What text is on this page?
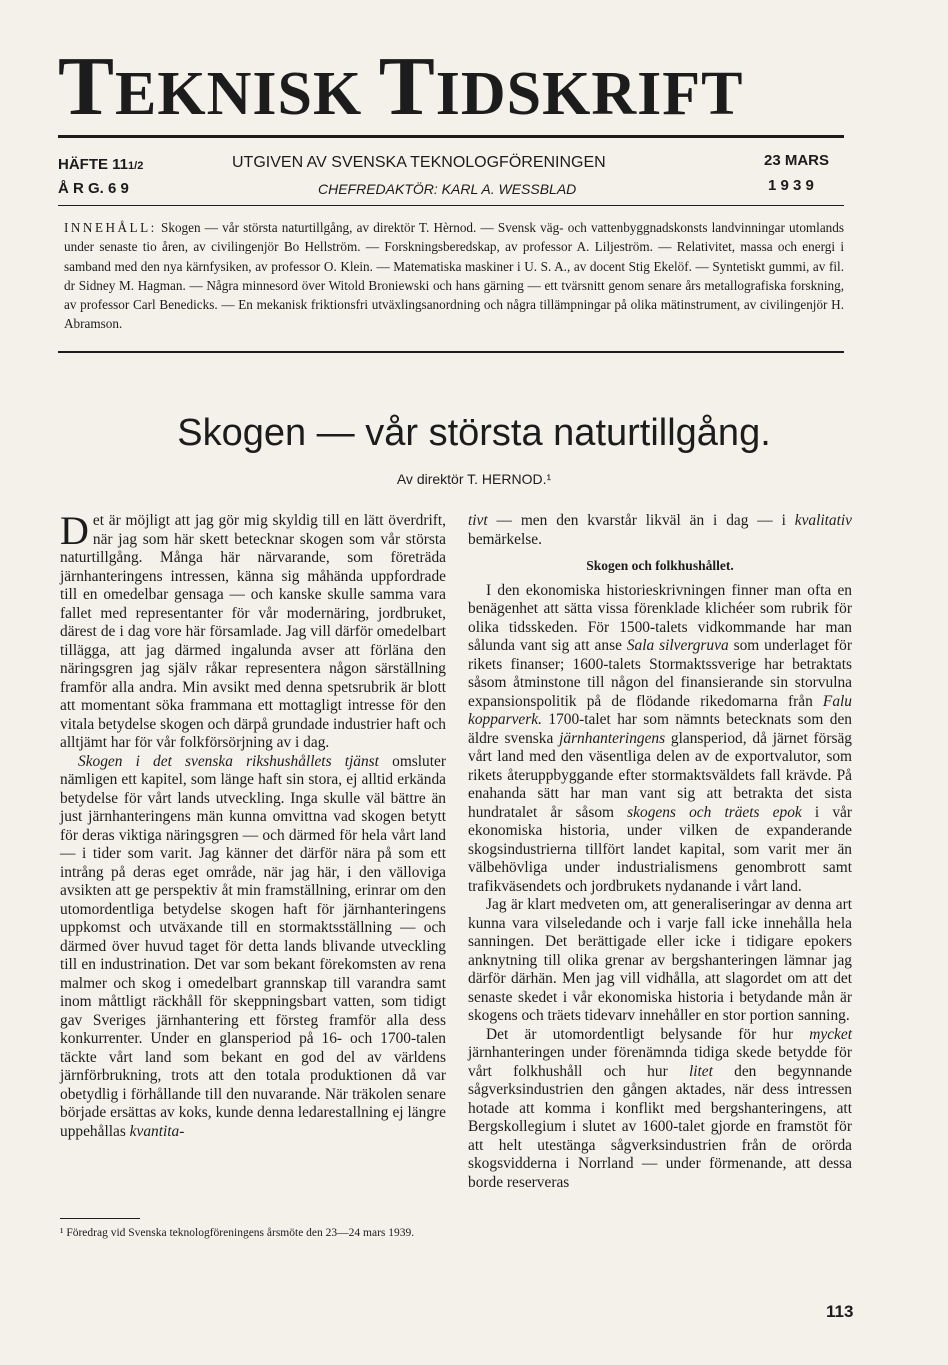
TEKNISK TIDSKRIFT
HÄFTE 111/2	UTGIVEN AV SVENSKA TEKNOLOGFÖRENINGEN	23 MARS
Å R G. 6 9	CHEFREDAKTÖR: KARL A. WESSBLAD	1 9 3 9
INNEHÅLL: Skogen — vår största naturtillgång, av direktör T. Hèrnod. — Svensk väg- och vattenbyggnadskonsts landvinningar utomlands under senaste tio åren, av civilingenjör Bo Hellström. — Forskningsberedskap, av professor A. Liljeström. — Relativitet, massa och energi i samband med den nya kärnfysiken, av professor O. Klein. — Matematiska maskiner i U. S. A., av docent Stig Ekelöf. — Syntetiskt gummi, av fil. dr Sidney M. Hagman. — Några minnesord över Witold Broniewski och hans gärning — ett tvärsnitt genom senare års metallografiska forskning, av professor Carl Benedicks. — En mekanisk friktionsfri utväxlingsanordning och några tillämpningar på olika mätinstrument, av civilingenjör H. Abramson.
Skogen — vår största naturtillgång.
Av direktör T. HERNOD.¹

Det är möjligt att jag gör mig skyldig till en lätt överdrift, när jag som här skett betecknar skogen som vår största naturtillgång. Många här närvarande, som företräda järnhanteringens intressen, känna sig måhända uppfordrade till en omedelbar gensaga — och kanske skulle samma vara fallet med representanter för vår modernäring, jordbruket, därest de i dag vore här församlade. Jag vill därför omedelbart tillägga, att jag därmed ingalunda avser att förläna den näringsgren jag själv råkar representera någon särställning framför alla andra. Min avsikt med denna spetsrubrik är blott att momentant söka frammana ett mottagligt intresse för den vitala betydelse skogen och därpå grundade industrier haft och alltjämt har för vår folkförsörjning av i dag.

Skogen i det svenska rikshushållets tjänst omsluter nämligen ett kapitel, som länge haft sin stora, ej alltid erkända betydelse för vårt lands utveckling. Inga skulle väl bättre än just järnhanteringens män kunna omvittna vad skogen betytt för deras viktiga näringsgren — och därmed för hela vårt land — i tider som varit. Jag känner det därför nära på som ett intrång på deras eget område, när jag här, i den välloviga avsikten att ge perspektiv åt min framställning, erinrar om den utomordentliga betydelse skogen haft för järnhanteringens uppkomst och utväxande till en stormaktsställning — och därmed över huvud taget för detta lands blivande utveckling till en industrination. Det var som bekant förekomsten av rena malmer och skog i omedelbart grannskap till varandra samt inom måttligt räckhåll för skeppningsbart vatten, som tidigt gav Sveriges järnhantering ett försteg framför alla dess konkurrenter. Under en glansperiod på 16- och 1700-talen täckte vårt land som bekant en god del av världens järnförbrukning, trots att den totala produktionen då var obetydlig i förhållande till den nuvarande. När träkolen senare började ersättas av koks, kunde denna ledarestallning ej längre uppehållas kvantita-

¹ Föredrag vid Svenska teknologföreningens årsmöte den 23—24 mars 1939.

tivt — men den kvarstår likväl än i dag — i kvalitativ bemärkelse.

Skogen och folkhushållet.

I den ekonomiska historieskrivningen finner man ofta en benägenhet att sätta vissa förenklade klichéer som rubrik för olika tidsskeden. För 1500-talets vidkommande har man sålunda vant sig att anse Sala silvergruva som underlaget för rikets finanser; 1600-talets Stormaktssverige har betraktats såsom åtminstone till någon del finansierande sin storvulna expansionspolitik på de flödande rikedomarna från Falu kopparverk. 1700-talet har som nämnts betecknats som den äldre svenska järnhanteringens glansperiod, då järnet försäg vårt land med den väsentliga delen av de exportvalutor, som rikets återuppbyggande efter stormaktsväldets fall krävde. På enahanda sätt har man vant sig att betrakta det sista hundratalet år såsom skogens och träets epok i vår ekonomiska historia, under vilken de expanderande skogsindustrierna tillfört landet kapital, som varit mer än välbehövliga under industrialismens genombrott samt trafikväsendets och jordbrukets nydanande i vårt land.

Jag är klart medveten om, att generaliseringar av denna art kunna vara vilseledande och i varje fall icke innehålla hela sanningen. Det berättigade eller icke i tidigare epokers anknytning till olika grenar av bergshanteringen lämnar jag därför därhän. Men jag vill vidhålla, att slagordet om att det senaste skedet i vår ekonomiska historia i betydande mån är skogens och träets tidevarv innehåller en stor portion sanning.

Det är utomordentligt belysande för hur mycket järnhanteringen under förenämnda tidiga skede betydde för vårt folkhushåll och hur litet den begynnande sågverksindustrien den gången aktades, när dess intressen hotade att komma i konflikt med bergshanteringens, att Bergskollegium i slutet av 1600-talet gjorde en framstöt för att helt utestänga sågverksindustrien från de orörda skogsvidderna i Norrland — under förmenande, att dessa borde reserveras

113
